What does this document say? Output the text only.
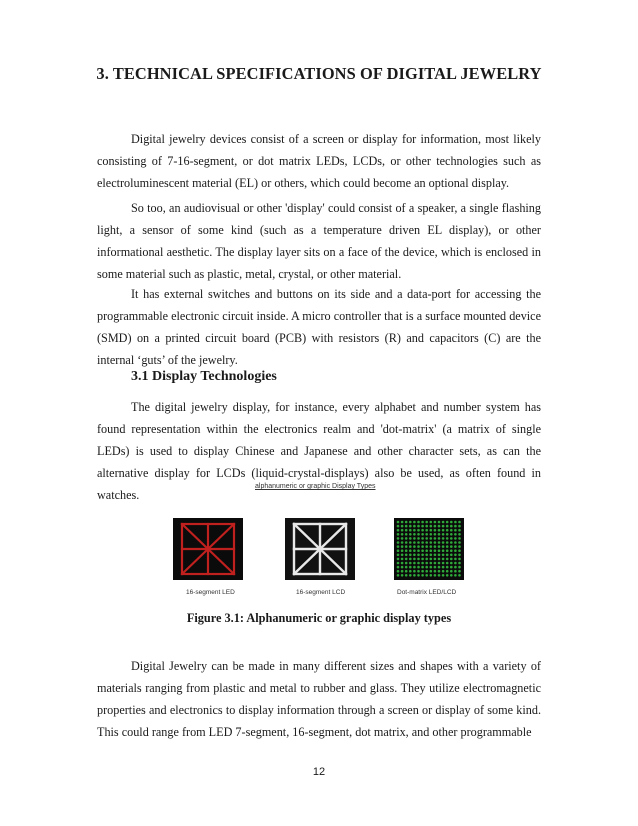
3. TECHNICAL SPECIFICATIONS OF DIGITAL JEWELRY

Digital jewelry devices consist of a screen or display for information, most likely consisting of 7-16-segment, or dot matrix LEDs, LCDs, or other technologies such as electroluminescent material (EL) or others, which could become an optional display.

So too, an audiovisual or other 'display' could consist of a speaker, a single flashing light, a sensor of some kind (such as a temperature driven EL display), or other informational aesthetic. The display layer sits on a face of the device, which is enclosed in some material such as plastic, metal, crystal, or other material.

It has external switches and buttons on its side and a data-port for accessing the programmable electronic circuit inside. A micro controller that is a surface mounted device (SMD) on a printed circuit board (PCB) with resistors (R) and capacitors (C) are the internal ‘guts’ of the jewelry.

3.1 Display Technologies

The digital jewelry display, for instance, every alphabet and number system has found representation within the electronics realm and 'dot-matrix' (a matrix of single LEDs) is used to display Chinese and Japanese and other character sets, as can the alternative display for LCDs (liquid-crystal-displays) also be used, as often found in watches.

alphanumeric or graphic Display Types
16-segment LED	16-segment LCD	Dot-matrix LED/LCD
Figure 3.1: Alphanumeric or graphic display types

Digital Jewelry can be made in many different sizes and shapes with a variety of materials ranging from plastic and metal to rubber and glass. They utilize electromagnetic properties and electronics to display information through a screen or display of some kind. This could range from LED 7-segment, 16-segment, dot matrix, and other programmable

12
